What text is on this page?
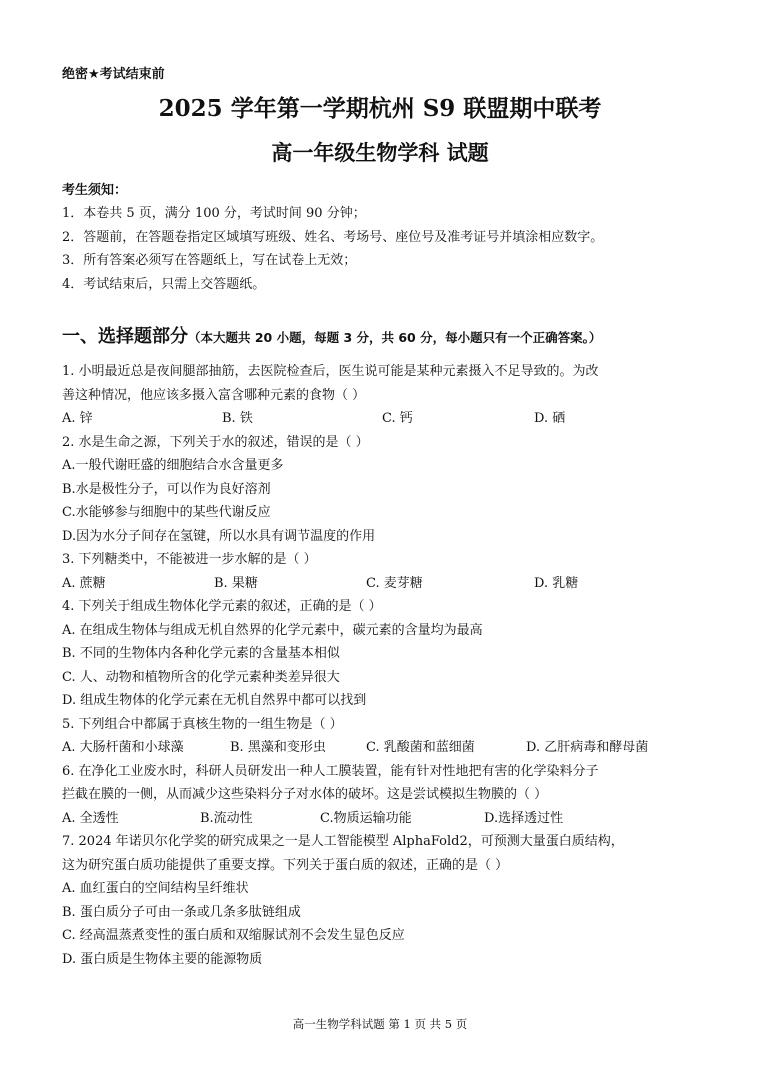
绝密★考试结束前
2025 学年第一学期杭州 S9 联盟期中联考
高一年级生物学科 试题
考生须知：
1．本卷共 5 页，满分 100 分，考试时间 90 分钟；
2．答题前，在答题卷指定区域填写班级、姓名、考场号、座位号及准考证号并填涂相应数字。
3．所有答案必须写在答题纸上，写在试卷上无效；
4．考试结束后，只需上交答题纸。
一、选择题部分（本大题共 20 小题，每题 3 分，共 60 分，每小题只有一个正确答案。）
1. 小明最近总是夜间腿部抽筋，去医院检查后，医生说可能是某种元素摄入不足导致的。为改
善这种情况，他应该多摄入富含哪种元素的食物（ ）
A. 锌	B. 铁	C. 钙	D. 硒
2. 水是生命之源，下列关于水的叙述，错误的是（ ）
A.一般代谢旺盛的细胞结合水含量更多
B.水是极性分子，可以作为良好溶剂
C.水能够参与细胞中的某些代谢反应
D.因为水分子间存在氢键，所以水具有调节温度的作用
3. 下列糖类中，不能被进一步水解的是（ ）
A. 蔗糖	B. 果糖	C. 麦芽糖	D. 乳糖
4. 下列关于组成生物体化学元素的叙述，正确的是（ ）
A. 在组成生物体与组成无机自然界的化学元素中，碳元素的含量均为最高
B. 不同的生物体内各种化学元素的含量基本相似
C. 人、动物和植物所含的化学元素种类差异很大
D. 组成生物体的化学元素在无机自然界中都可以找到
5. 下列组合中都属于真核生物的一组生物是（ ）
A. 大肠杆菌和小球藻	B. 黑藻和变形虫	C. 乳酸菌和蓝细菌	D. 乙肝病毒和酵母菌
6. 在净化工业废水时，科研人员研发出一种人工膜装置，能有针对性地把有害的化学染料分子
拦截在膜的一侧，从而减少这些染料分子对水体的破坏。这是尝试模拟生物膜的（ ）
A. 全透性	B.流动性	C.物质运输功能	D.选择透过性
7. 2024 年诺贝尔化学奖的研究成果之一是人工智能模型 AlphaFold2，可预测大量蛋白质结构，
这为研究蛋白质功能提供了重要支撑。下列关于蛋白质的叙述，正确的是（ ）
A. 血红蛋白的空间结构呈纤维状
B. 蛋白质分子可由一条或几条多肽链组成
C. 经高温蒸煮变性的蛋白质和双缩脲试剂不会发生显色反应
D. 蛋白质是生物体主要的能源物质
高一生物学科试题 第 1 页 共 5 页
